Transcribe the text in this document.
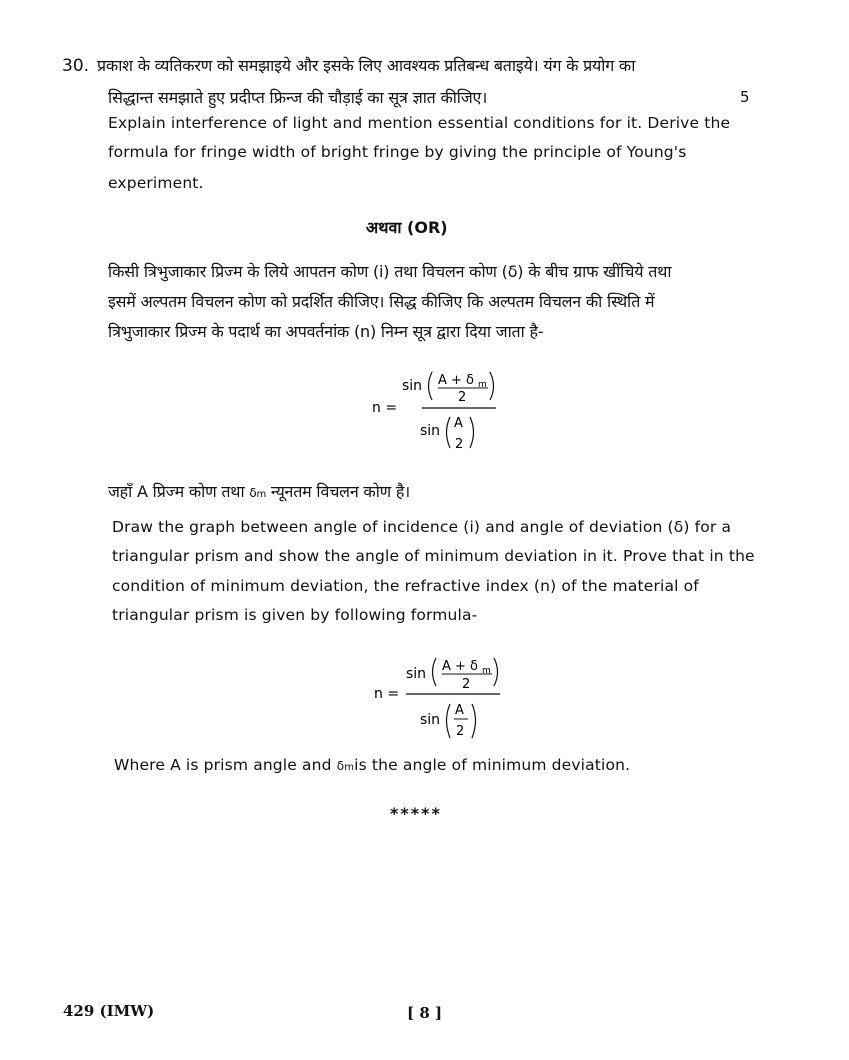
30. प्रकाश के व्यतिकरण को समझाइये और इसके लिए आवश्यक प्रतिबन्ध बताइये। यंग के प्रयोग का
सिद्धान्त समझाते हुए प्रदीप्त फ्रिन्ज की चौड़ाई का सूत्र ज्ञात कीजिए।	5
Explain interference of light and mention essential conditions for it. Derive the
formula for fringe width of bright fringe by giving the principle of Young's
experiment.
अथवा (OR)
किसी त्रिभुजाकार प्रिज्म के लिये आपतन कोण (i) तथा विचलन कोण (δ) के बीच ग्राफ खींचिये तथा
इसमें अल्पतम विचलन कोण को प्रदर्शित कीजिए। सिद्ध कीजिए कि अल्पतम विचलन की स्थिति में
त्रिभुजाकार प्रिज्म के पदार्थ का अपवर्तनांक (n) निम्न सूत्र द्वारा दिया जाता है-
n =
sin A + δ m
2
sin A
2
जहाँ A प्रिज्म कोण तथा δm न्यूनतम विचलन कोण है।
Draw the graph between angle of incidence (i) and angle of deviation (δ) for a
triangular prism and show the angle of minimum deviation in it. Prove that in the
condition of minimum deviation, the refractive index (n) of the material of
triangular prism is given by following formula-
n =
sin A + δ m
2
sin
A
2
Where A is prism angle and δmis the angle of minimum deviation.
*****
429 (IMW)	[ 8 ]
